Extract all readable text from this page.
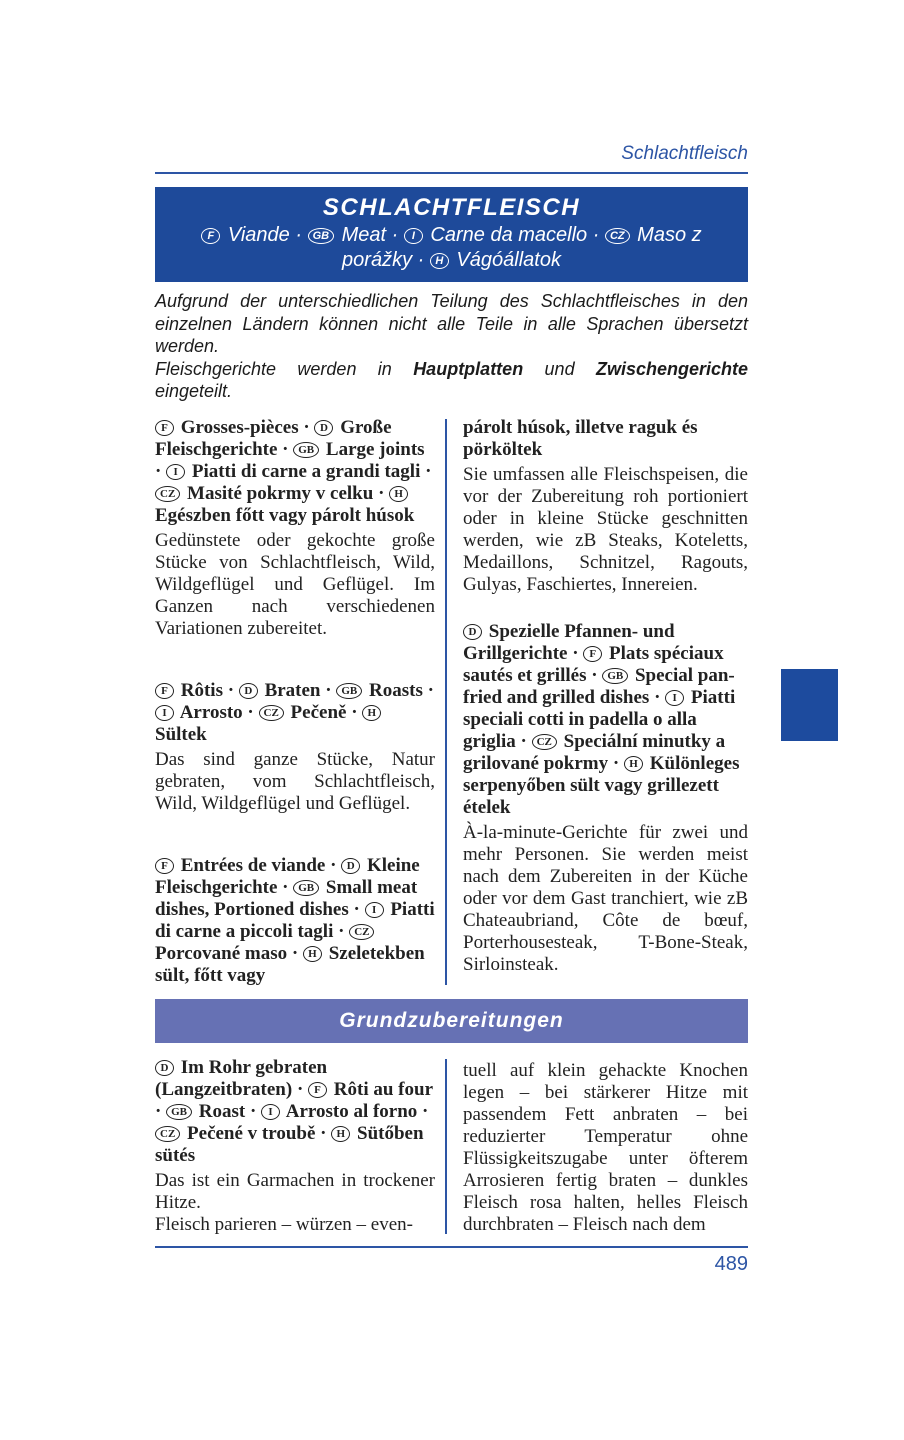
Schlachtfleisch
SCHLACHTFLEISCH
F Viande · GB Meat · I Carne da macello · CZ Maso z porážky · H Vágóállatok
Aufgrund der unterschiedlichen Teilung des Schlachtfleisches in den einzelnen Ländern können nicht alle Teile in alle Sprachen übersetzt werden.
Fleischgerichte werden in Hauptplatten und Zwischengerichte eingeteilt.
F Grosses-pièces · D Große Fleischgerichte · GB Large joints · I Piatti di carne a grandi tagli · CZ Masité pokrmy v celku · H Egészben főtt vagy párolt húsok
Gedünstete oder gekochte große Stücke von Schlachtfleisch, Wild, Wildgeflügel und Geflügel. Im Ganzen nach verschiedenen Variationen zubereitet.
F Rôtis · D Braten · GB Roasts · I Arrosto · CZ Pečeně · H Sültek
Das sind ganze Stücke, Natur gebraten, vom Schlachtfleisch, Wild, Wildgeflügel und Geflügel.
F Entrées de viande · D Kleine Fleischgerichte · GB Small meat dishes, Portioned dishes · I Piatti di carne a piccoli tagli · CZ Porcované maso · H Szeletekben sült, főtt vagy
párolt húsok, illetve raguk és pörköltek
Sie umfassen alle Fleischspeisen, die vor der Zubereitung roh portioniert oder in kleine Stücke geschnitten werden, wie zB Steaks, Koteletts, Medaillons, Schnitzel, Ragouts, Gulyas, Faschiertes, Innereien.
D Spezielle Pfannen- und Grillgerichte · F Plats spéciaux sautés et grillés · GB Special pan-fried and grilled dishes · I Piatti speciali cotti in padella o alla griglia · CZ Speciální minutky a grilované pokrmy · H Különleges serpenyőben sült vagy grillezett ételek
À-la-minute-Gerichte für zwei und mehr Personen. Sie werden meist nach dem Zubereiten in der Küche oder vor dem Gast tranchiert, wie zB Chateaubriand, Côte de bœuf, Porterhousesteak, T-Bone-Steak, Sirloinsteak.
Grundzubereitungen
D Im Rohr gebraten (Langzeitbraten) · F Rôti au four · GB Roast · I Arrosto al forno · CZ Pečené v troubě · H Sütőben sütés
Das ist ein Garmachen in trockener Hitze.
Fleisch parieren – würzen – even-
tuell auf klein gehackte Knochen legen – bei stärkerer Hitze mit passendem Fett anbraten – bei reduzierter Temperatur ohne Flüssigkeitszugabe unter öfterem Arrosieren fertig braten – dunkles Fleisch rosa halten, helles Fleisch durchbraten – Fleisch nach dem
489
